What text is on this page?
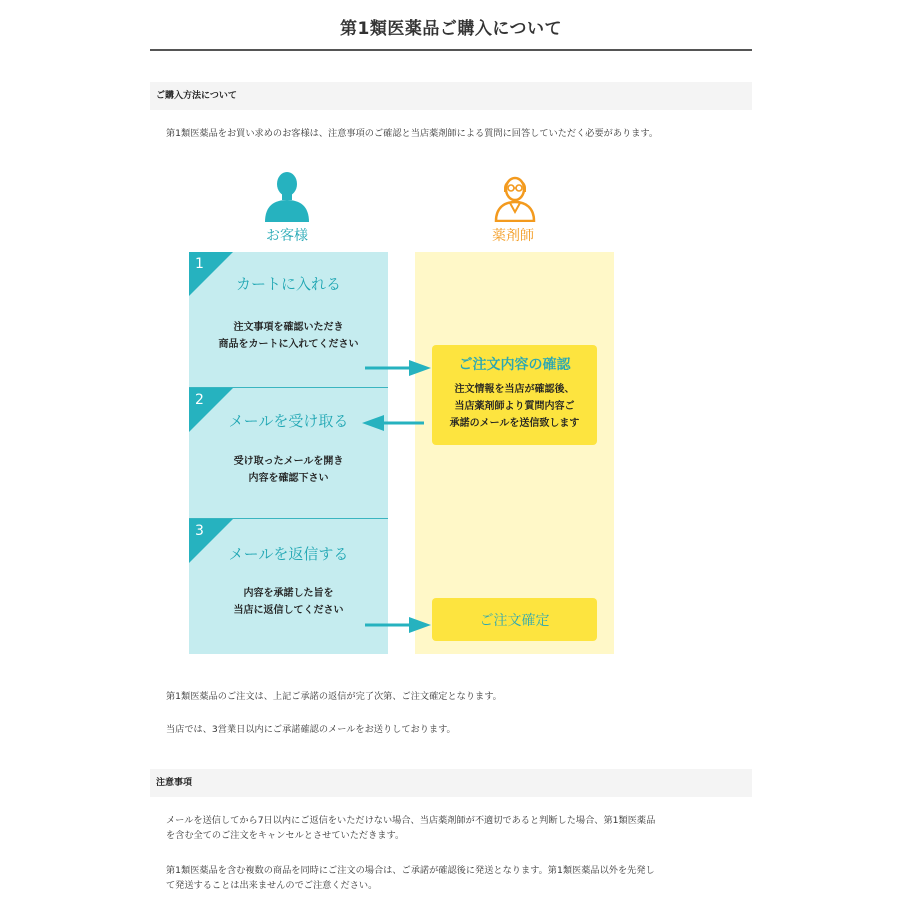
第1類医薬品ご購入について
ご購入方法について
第1類医薬品をお買い求めのお客様は、注意事項のご確認と当店薬剤師による質問に回答していただく必要があります。
お客様	薬剤師
1
カートに入れる
注文事項を確認いただき
商品をカートに入れてください
2
メールを受け取る
受け取ったメールを開き
内容を確認下さい
3
メールを返信する
内容を承諾した旨を
当店に返信してください
ご注文内容の確認
注文情報を当店が確認後、
当店薬剤師より質問内容ご
承諾のメールを送信致します
ご注文確定
第1類医薬品のご注文は、上記ご承諾の返信が完了次第、ご注文確定となります。
当店では、3営業日以内にご承諾確認のメールをお送りしております。
注意事項
メールを送信してから7日以内にご返信をいただけない場合、当店薬剤師が不適切であると判断した場合、第1類医薬品
を含む全てのご注文をキャンセルとさせていただきます。
第1類医薬品を含む複数の商品を同時にご注文の場合は、ご承諾が確認後に発送となります。第1類医薬品以外を先発し
て発送することは出来ませんのでご注意ください。
